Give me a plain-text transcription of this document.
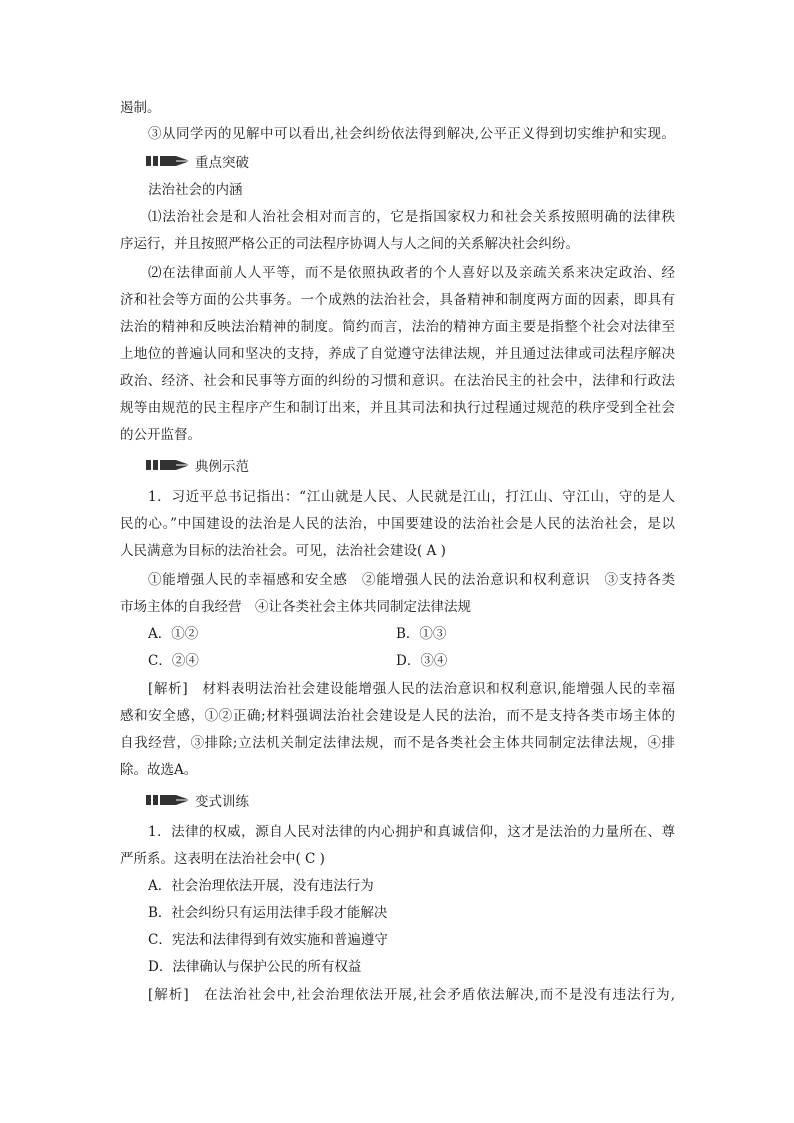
遏制。
③从同学丙的见解中可以看出,社会纠纷依法得到解决,公平正义得到切实维护和实现。
重点突破
法治社会的内涵
⑴法治社会是和人治社会相对而言的，它是指国家权力和社会关系按照明确的法律秩
序运行，并且按照严格公正的司法程序协调人与人之间的关系解决社会纠纷。
⑵在法律面前人人平等，而不是依照执政者的个人喜好以及亲疏关系来决定政治、经
济和社会等方面的公共事务。一个成熟的法治社会，具备精神和制度两方面的因素，即具有
法治的精神和反映法治精神的制度。简约而言，法治的精神方面主要是指整个社会对法律至
上地位的普遍认同和坚决的支持，养成了自觉遵守法律法规，并且通过法律或司法程序解决
政治、经济、社会和民事等方面的纠纷的习惯和意识。在法治民主的社会中，法律和行政法
规等由规范的民主程序产生和制订出来，并且其司法和执行过程通过规范的秩序受到全社会
的公开监督。
典例示范
1．习近平总书记指出：“江山就是人民、人民就是江山，打江山、守江山，守的是人
民的心。”中国建设的法治是人民的法治，中国要建设的法治社会是人民的法治社会，是以
人民满意为目标的法治社会。可见，法治社会建设( A )
①能增强人民的幸福感和安全感　②能增强人民的法治意识和权利意识　③支持各类
市场主体的自我经营　④让各类社会主体共同制定法律法规
A．①②	B．①③
C．②④	D．③④
[解析]　材料表明法治社会建设能增强人民的法治意识和权利意识,能增强人民的幸福
感和安全感，①②正确;材料强调法治社会建设是人民的法治，而不是支持各类市场主体的
自我经营，③排除;立法机关制定法律法规，而不是各类社会主体共同制定法律法规，④排
除。故选A。
变式训练
1．法律的权威，源自人民对法律的内心拥护和真诚信仰，这才是法治的力量所在、尊
严所系。这表明在法治社会中( C )
A．社会治理依法开展，没有违法行为
B．社会纠纷只有运用法律手段才能解决
C．宪法和法律得到有效实施和普遍遵守
D．法律确认与保护公民的所有权益
[解析]　在法治社会中,社会治理依法开展,社会矛盾依法解决,而不是没有违法行为,
